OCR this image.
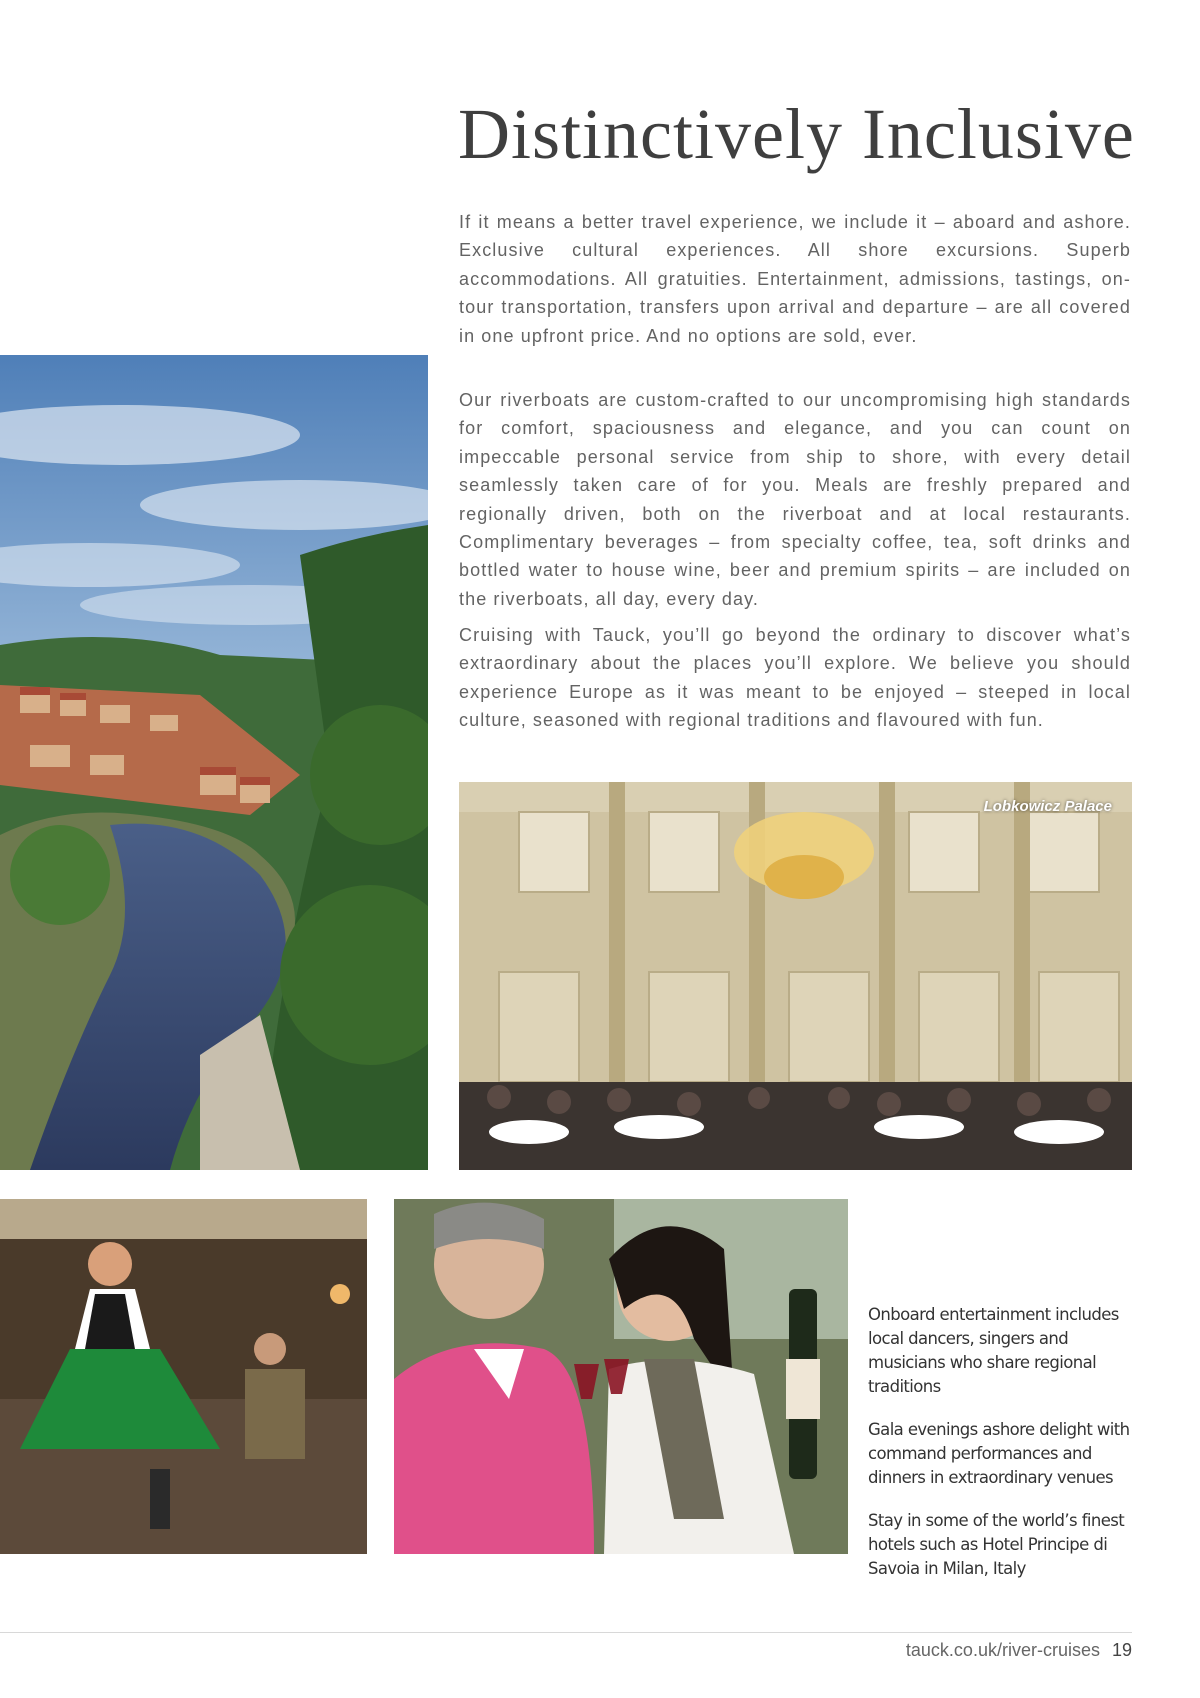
Distinctively Inclusive

If it means a better travel experience, we include it – aboard and ashore. Exclusive cultural experiences. All shore excursions. Superb accommodations. All gratuities. Entertainment, admissions, tastings, on-tour transportation, transfers upon arrival and departure – are all covered in one upfront price. And no options are sold, ever.

Our riverboats are custom-crafted to our uncompromising high standards for comfort, spaciousness and elegance, and you can count on impeccable personal service from ship to shore, with every detail seamlessly taken care of for you. Meals are freshly prepared and regionally driven, both on the riverboat and at local restaurants. Complimentary beverages – from specialty coffee, tea, soft drinks and bottled water to house wine, beer and premium spirits – are included on the riverboats, all day, every day.

Cruising with Tauck, you’ll go beyond the ordinary to discover what’s extraordinary about the places you’ll explore. We believe you should experience Europe as it was meant to be enjoyed – steeped in local culture, seasoned with regional traditions and flavoured with fun.

Lobkowicz Palace

Onboard entertainment includes local dancers, singers and musicians who share regional traditions

Gala evenings ashore delight with command performances and dinners in extraordinary venues

Stay in some of the world’s finest hotels such as Hotel Principe di Savoia in Milan, Italy

tauck.co.uk/river-cruises 19
